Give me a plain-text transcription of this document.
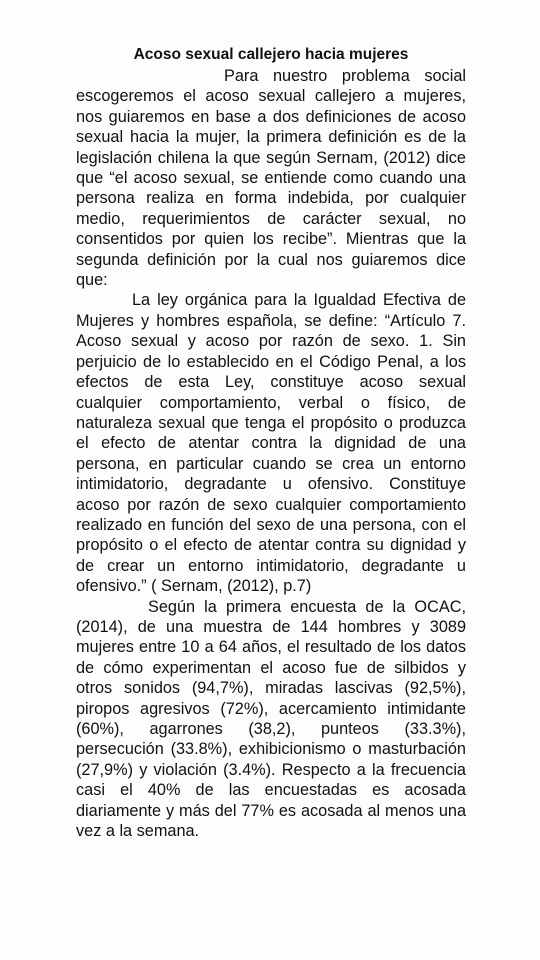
Acoso sexual callejero hacia mujeres

Para nuestro problema social escogeremos el acoso sexual callejero a mujeres, nos guiaremos en base a dos definiciones de acoso sexual hacia la mujer, la primera definición es de la legislación chilena la que según Sernam, (2012) dice que “el acoso sexual, se entiende como cuando una persona realiza en forma indebida, por cualquier medio, requerimientos de carácter sexual, no consentidos por quien los recibe”. Mientras que la segunda definición por la cual nos guiaremos dice que:

La ley orgánica para la Igualdad Efectiva de Mujeres y hombres española, se define: “Artículo 7. Acoso sexual y acoso por razón de sexo. 1. Sin perjuicio de lo establecido en el Código Penal, a los efectos de esta Ley, constituye acoso sexual cualquier comportamiento, verbal o físico, de naturaleza sexual que tenga el propósito o produzca el efecto de atentar contra la dignidad de una persona, en particular cuando se crea un entorno intimidatorio, degradante u ofensivo. Constituye acoso por razón de sexo cualquier comportamiento realizado en función del sexo de una persona, con el propósito o el efecto de atentar contra su dignidad y de crear un entorno intimidatorio, degradante u ofensivo.” ( Sernam, (2012), p.7)

Según la primera encuesta de la OCAC, (2014), de una muestra de 144 hombres y 3089 mujeres entre 10 a 64 años, el resultado de los datos de cómo experimentan el acoso fue de silbidos y otros sonidos (94,7%), miradas lascivas (92,5%), piropos agresivos (72%), acercamiento intimidante (60%), agarrones (38,2), punteos (33.3%), persecución (33.8%), exhibicionismo o masturbación (27,9%) y violación (3.4%). Respecto a la frecuencia casi el 40% de las encuestadas es acosada diariamente y más del 77% es acosada al menos una vez a la semana.
